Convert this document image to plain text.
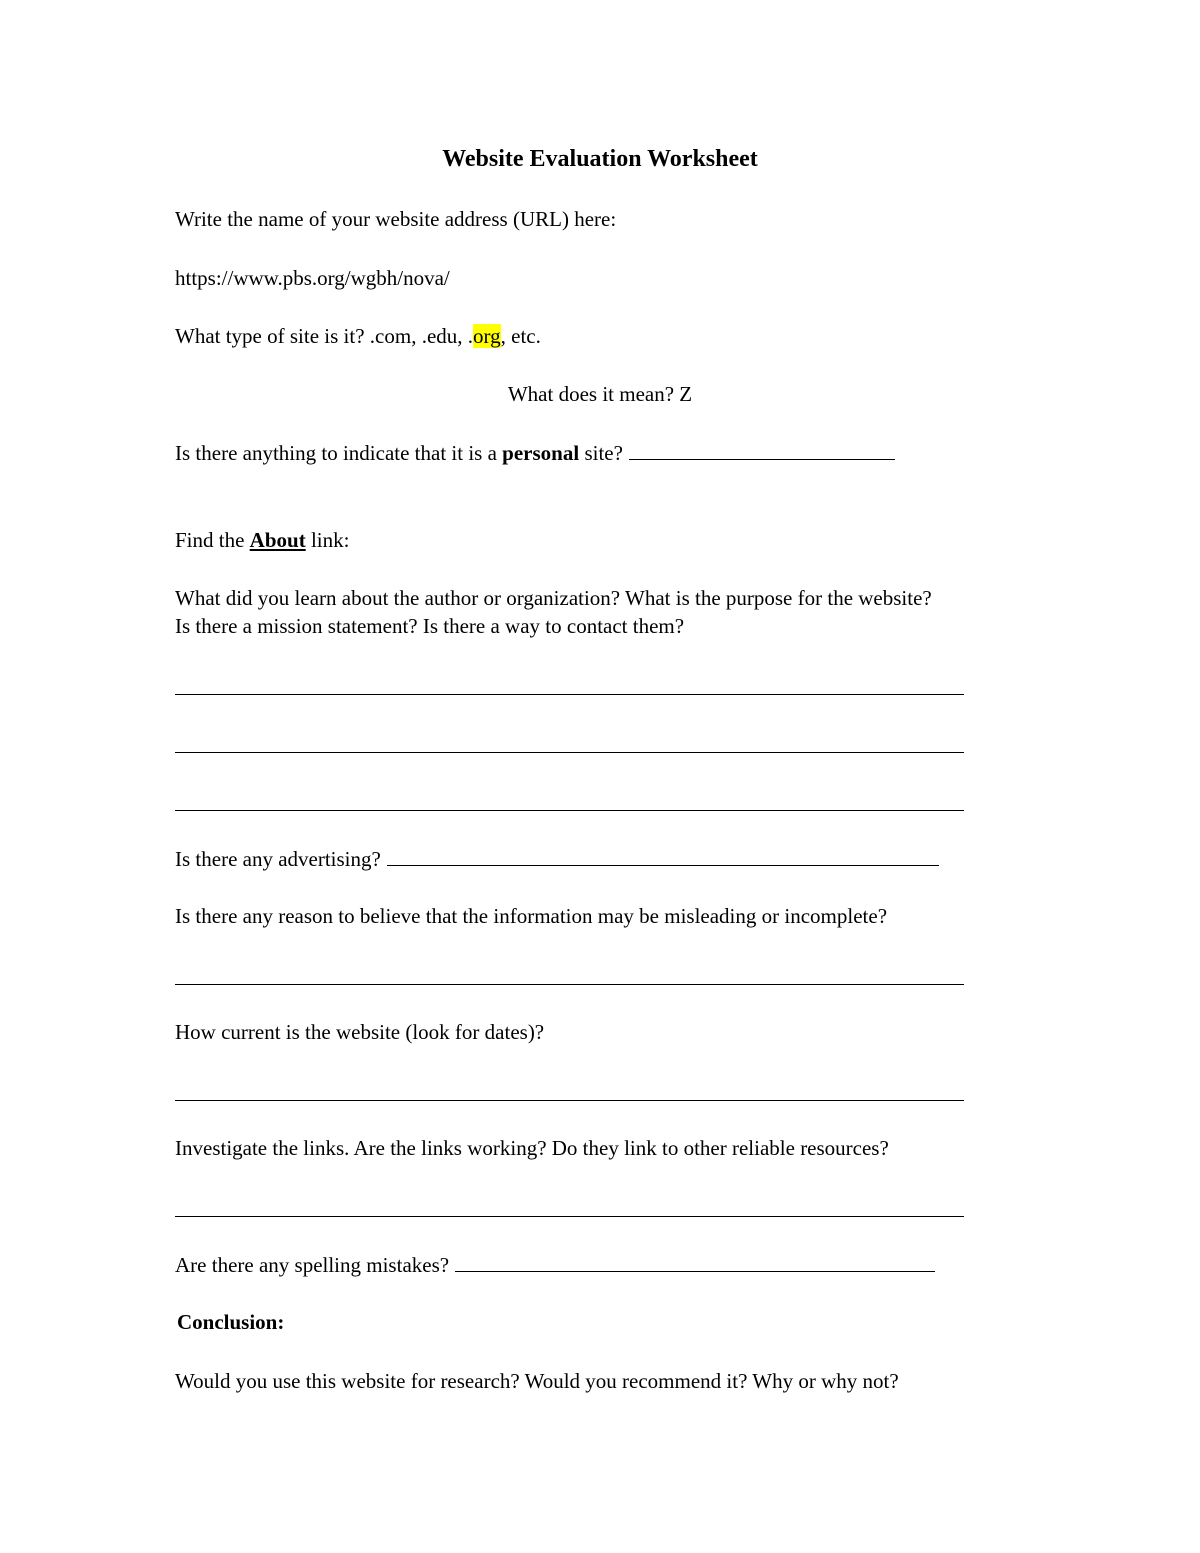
Website Evaluation Worksheet

Write the name of your website address (URL) here:

https://www.pbs.org/wgbh/nova/

What type of site is it? .com, .edu, .org, etc.

What does it mean? Z

Is there anything to indicate that it is a personal site?

Find the About link:

What did you learn about the author or organization? What is the purpose for the website?

Is there a mission statement? Is there a way to contact them?

Is there any advertising?

Is there any reason to believe that the information may be misleading or incomplete?

How current is the website (look for dates)?

Investigate the links. Are the links working? Do they link to other reliable resources?

Are there any spelling mistakes?

Conclusion:

Would you use this website for research? Would you recommend it? Why or why not?
